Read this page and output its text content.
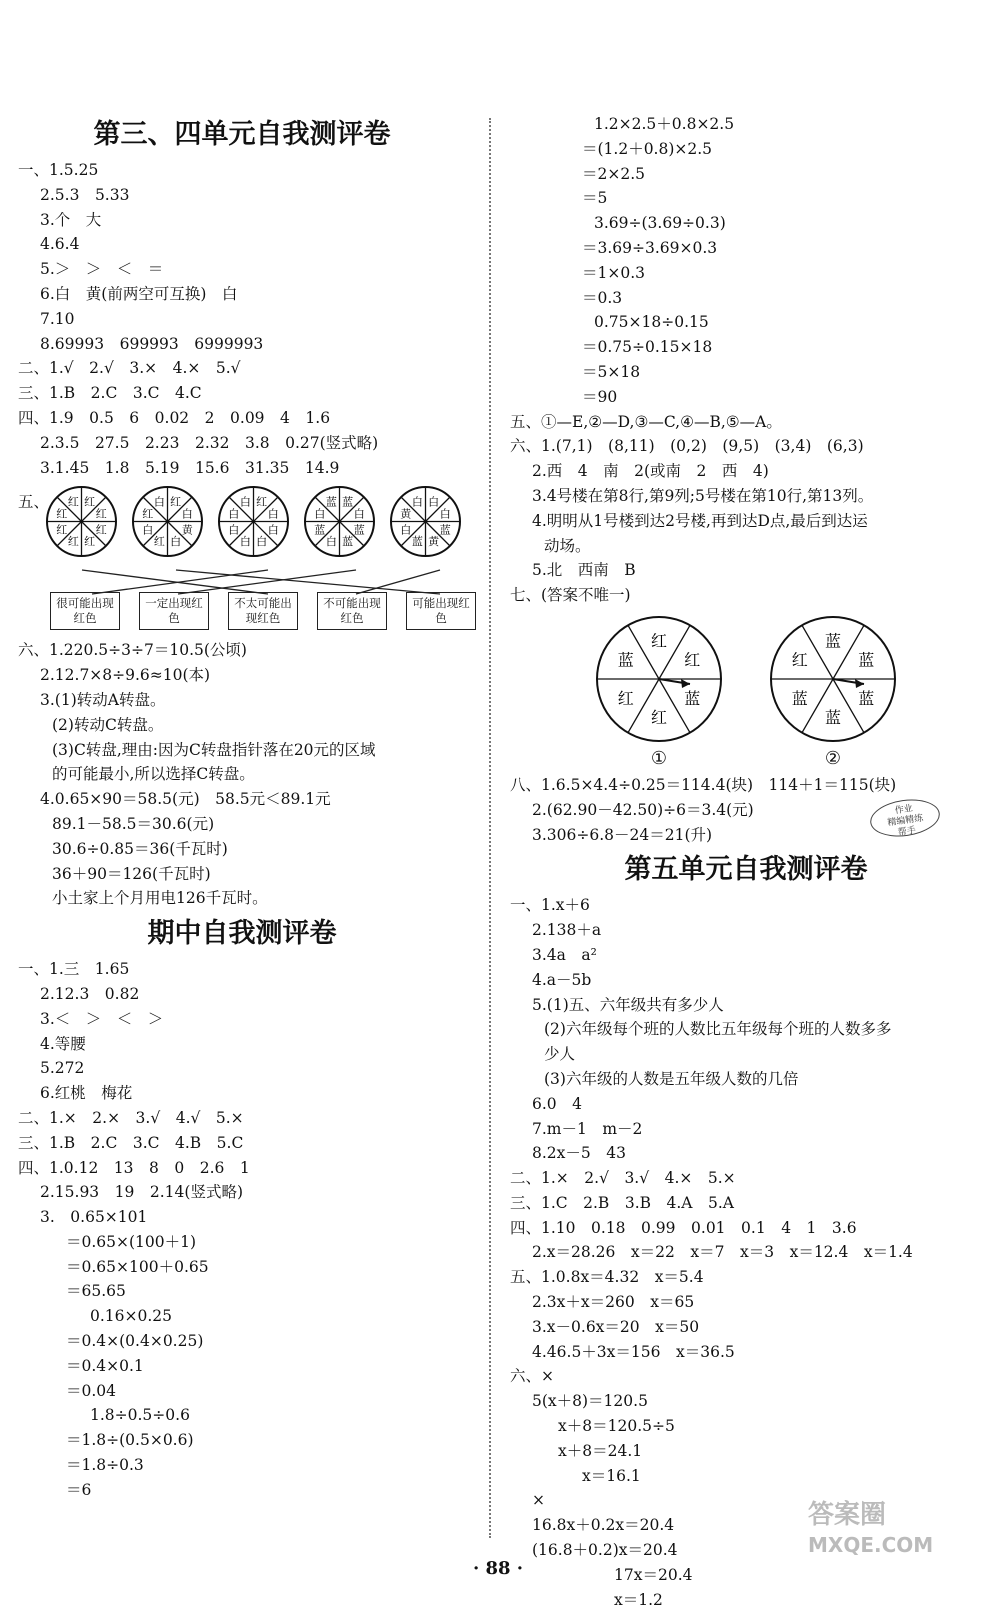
第三、四单元自我测评卷
一、1.5.25
2.5.3　5.33
3.个　大
4.6.4
5.＞　＞　＜　＝
6.白　黄(前两空可互换)　白
7.10
8.69993　699993　6999993
二、1.√　2.√　3.×　4.×　5.√
三、1.B　2.C　3.C　4.C
四、1.9　0.5　6　0.02　2　0.09　4　1.6
2.3.5　27.5　2.23　2.32　3.8　0.27(竖式略)
3.1.45　1.8　5.19　15.6　31.35　14.9
五、	红
红
红
红
红
红
红
红	红
白
黄
白
红
白
红
白	红
白
白
白
白
白
白
白	蓝
白
蓝
蓝
白
蓝
白
蓝	白
白
蓝
黄
蓝
白
黄
白
很可能出现红色
一定出现红色
不太可能出现红色
不可能出现红色
可能出现红色
六、1.220.5÷3÷7＝10.5(公顷)
2.12.7×8÷9.6≈10(本)
3.(1)转动A转盘。
(2)转动C转盘。
(3)C转盘,理由:因为C转盘指针落在20元的区域
的可能最小,所以选择C转盘。
4.0.65×90＝58.5(元)　58.5元＜89.1元
89.1－58.5＝30.6(元)
30.6÷0.85＝36(千瓦时)
36＋90＝126(千瓦时)
小土家上个月用电126千瓦时。
期中自我测评卷
一、1.三　1.65
2.12.3　0.82
3.＜　＞　＜　＞
4.等腰
5.272
6.红桃　梅花
二、1.×　2.×　3.√　4.√　5.×
三、1.B　2.C　3.C　4.B　5.C
四、1.0.12　13　8　0　2.6　1
2.15.93　19　2.14(竖式略)
3.　0.65×101
＝0.65×(100＋1)
＝0.65×100＋0.65
＝65.65
0.16×0.25
＝0.4×(0.4×0.25)
＝0.4×0.1
＝0.04
1.8÷0.5÷0.6
＝1.8÷(0.5×0.6)
＝1.8÷0.3
＝6
1.2×2.5＋0.8×2.5
＝(1.2＋0.8)×2.5
＝2×2.5
＝5
3.69÷(3.69÷0.3)
＝3.69÷3.69×0.3
＝1×0.3
＝0.3
0.75×18÷0.15
＝0.75÷0.15×18
＝5×18
＝90
五、①—E,②—D,③—C,④—B,⑤—A。
六、1.(7,1)　(8,11)　(0,2)　(9,5)　(3,4)　(6,3)
2.西　4　南　2(或南　2　西　4)
3.4号楼在第8行,第9列;5号楼在第10行,第13列。
4.明明从1号楼到达2号楼,再到达D点,最后到达运
动场。
5.北　西南　B
七、(答案不唯一)
红
蓝
红
红
蓝
红
①
蓝
蓝
蓝
蓝
红
蓝
②
八、1.6.5×4.4÷0.25＝114.4(块)　114＋1＝115(块)
2.(62.90－42.50)÷6＝3.4(元)
3.306÷6.8－24＝21(升)
第五单元自我测评卷
一、1.x＋6
2.138＋a
3.4a　a²
4.a－5b
5.(1)五、六年级共有多少人
(2)六年级每个班的人数比五年级每个班的人数多多
少人
(3)六年级的人数是五年级人数的几倍
6.0　4
7.m－1　m－2
8.2x－5　43
二、1.×　2.√　3.√　4.×　5.×
三、1.C　2.B　3.B　4.A　5.A
四、1.10　0.18　0.99　0.01　0.1　4　1　3.6
2.x＝28.26　x＝22　x＝7　x＝3　x＝12.4　x＝1.4
五、1.0.8x＝4.32　x＝5.4
2.3x＋x＝260　x＝65
3.x－0.6x＝20　x＝50
4.46.5＋3x＝156　x＝36.5
六、×
5(x＋8)＝120.5
x＋8＝120.5÷5
x＋8＝24.1
x＝16.1
×
16.8x＋0.2x＝20.4
(16.8＋0.2)x＝20.4
17x＝20.4
x＝1.2
作业
精编精练
帮手
答案圈
MXQE.COM
· 88 ·
